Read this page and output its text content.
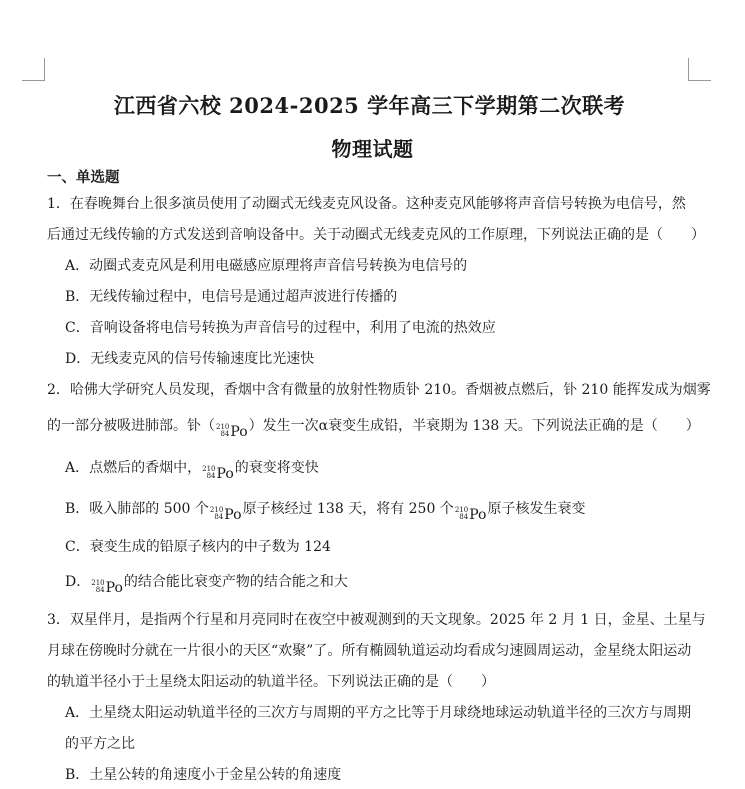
江西省六校 2024-2025 学年高三下学期第二次联考
物理试题
一、单选题
1．在春晚舞台上很多演员使用了动圈式无线麦克风设备。这种麦克风能够将声音信号转换为电信号，然
后通过无线传输的方式发送到音响设备中。关于动圈式无线麦克风的工作原理，下列说法正确的是（　　）
A．动圈式麦克风是利用电磁感应原理将声音信号转换为电信号的
B．无线传输过程中，电信号是通过超声波进行传播的
C．音响设备将电信号转换为声音信号的过程中，利用了电流的热效应
D．无线麦克风的信号传输速度比光速快
2．哈佛大学研究人员发现，香烟中含有微量的放射性物质钋 210。香烟被点燃后，钋 210 能挥发成为烟雾
的一部分被吸进肺部。钋（ 210
84 Po ）发生一次α衰变生成铅，半衰期为 138 天。下列说法正确的是（　　）
A．点燃后的香烟中， 210
84 Po 的衰变将变快
B．吸入肺部的 500 个 210
84 Po 原子核经过 138 天，将有 250 个 210
84 Po 原子核发生衰变
C．衰变生成的铅原子核内的中子数为 124
D． 210
84 Po 的结合能比衰变产物的结合能之和大
3．双星伴月，是指两个行星和月亮同时在夜空中被观测到的天文现象。2025 年 2 月 1 日，金星、土星与
月球在傍晚时分就在一片很小的天区“欢聚”了。所有椭圆轨道运动均看成匀速圆周运动，金星绕太阳运动
的轨道半径小于土星绕太阳运动的轨道半径。下列说法正确的是（　　）
A．土星绕太阳运动轨道半径的三次方与周期的平方之比等于月球绕地球运动轨道半径的三次方与周期
的平方之比
B．土星公转的角速度小于金星公转的角速度
